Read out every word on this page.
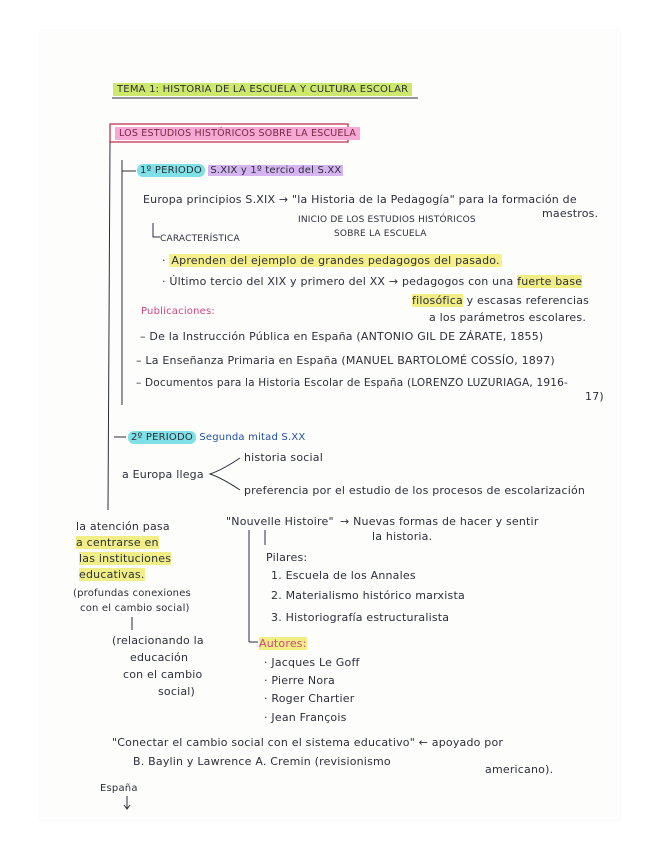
TEMA 1: HISTORIA DE LA ESCUELA Y CULTURA ESCOLAR
LOS ESTUDIOS HISTÓRICOS SOBRE LA ESCUELA
1º PERIODO S.XIX y 1º tercio del S.XX
Europa principios S.XIX → "la Historia de la Pedagogía" para la formación de
maestros.
INICIO DE LOS ESTUDIOS HISTÓRICOS
SOBRE LA ESCUELA
CARACTERÍSTICA
· Aprenden del ejemplo de grandes pedagogos del pasado.
· Último tercio del XIX y primero del XX → pedagogos con una fuerte base
filosófica y escasas referencias
a los parámetros escolares.
Publicaciones:
– De la Instrucción Pública en España (ANTONIO GIL DE ZÁRATE, 1855)
– La Enseñanza Primaria en España (MANUEL BARTOLOMÉ COSSÍO, 1897)
– Documentos para la Historia Escolar de España (LORENZO LUZURIAGA, 1916-
17)
2º PERIODO Segunda mitad S.XX
historia social
a Europa llega
preferencia por el estudio de los procesos de escolarización
"Nouvelle Histoire" → Nuevas formas de hacer y sentir
la historia.
Pilares:
1. Escuela de los Annales
2. Materialismo histórico marxista
3. Historiografía estructuralista
Autores:
· Jacques Le Goff
· Pierre Nora
· Roger Chartier
· Jean François
la atención pasa
a centrarse en
las instituciones
educativas.
(profundas conexiones
con el cambio social)
(relacionando la
educación
con el cambio
social)
"Conectar el cambio social con el sistema educativo" ← apoyado por
B. Baylin y Lawrence A. Cremin (revisionismo
americano).
España
